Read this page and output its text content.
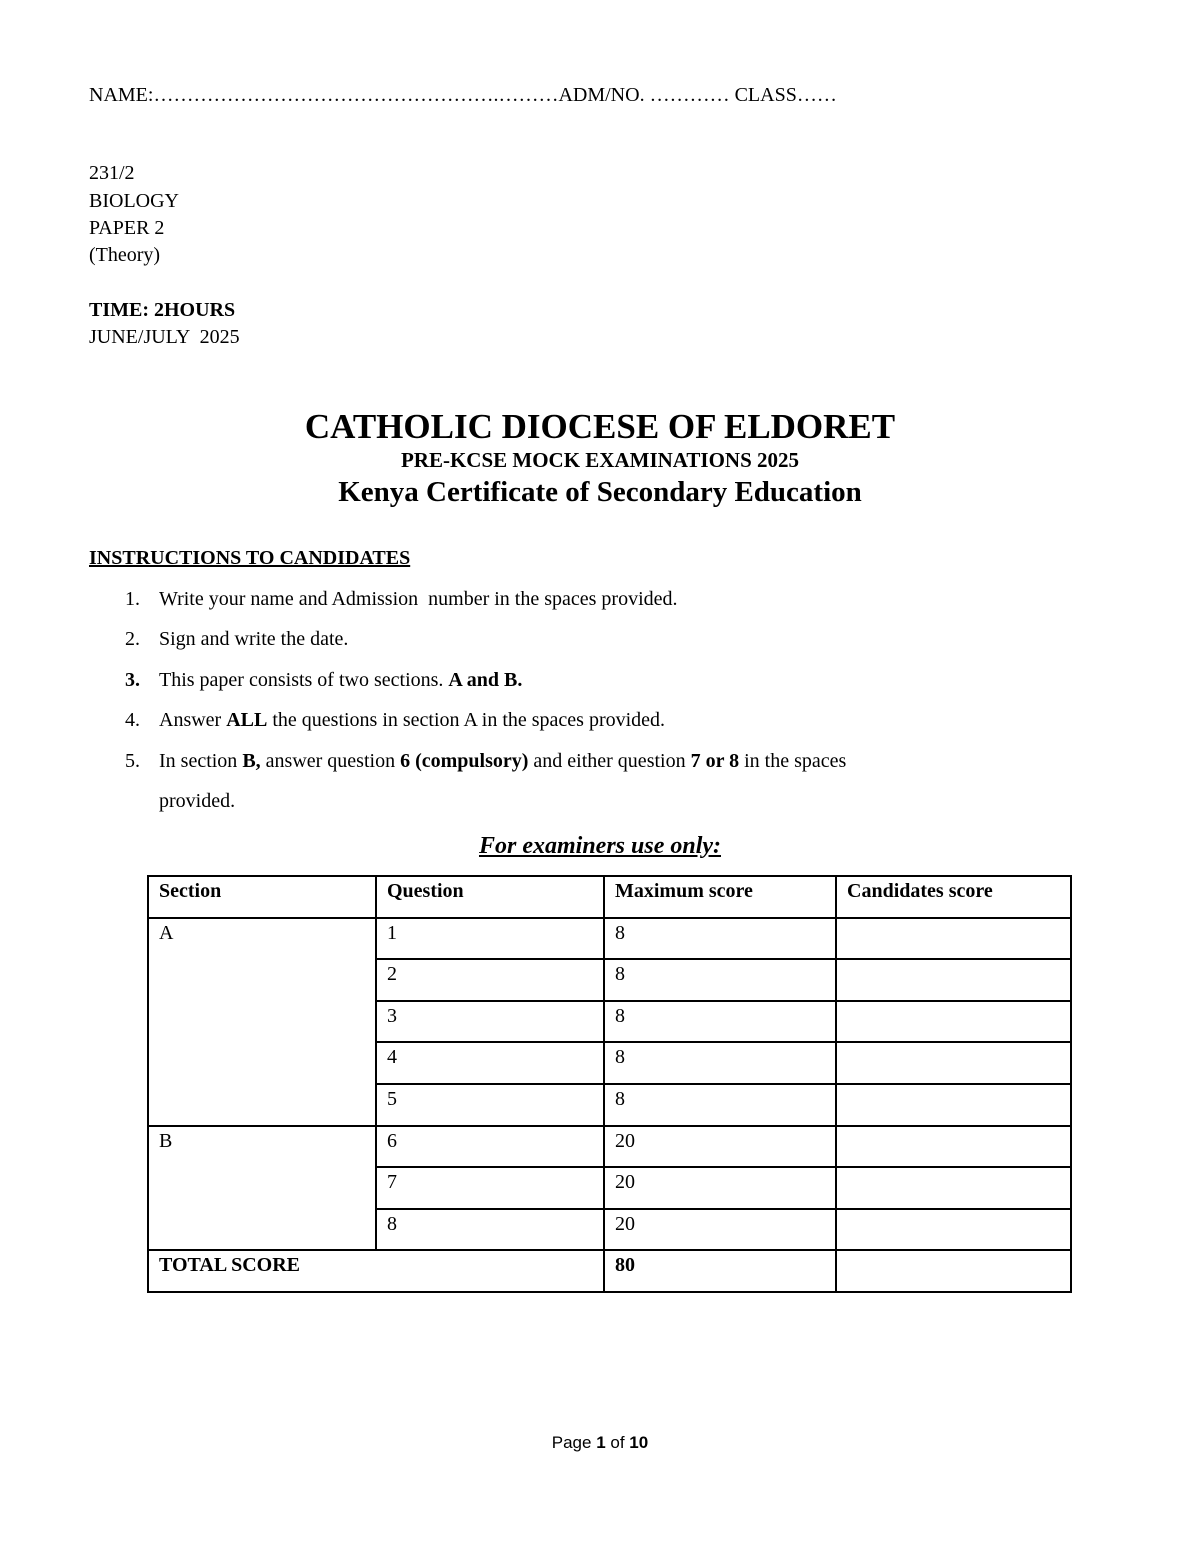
NAME:…………………………………………….………ADM/NO. ………… CLASS……
231/2
BIOLOGY
PAPER 2
(Theory)
TIME: 2HOURS
JUNE/JULY  2025
CATHOLIC DIOCESE OF ELDORET
PRE-KCSE MOCK EXAMINATIONS 2025
Kenya Certificate of Secondary Education
INSTRUCTIONS TO CANDIDATES
1. Write your name and Admission  number in the spaces provided.
2. Sign and write the date.
3. This paper consists of two sections. A and B.
4. Answer ALL the questions in section A in the spaces provided.
5. In section B, answer question 6 (compulsory) and either question 7 or 8 in the spaces
provided.
For examiners use only:
Section	Question	Maximum score	Candidates score
A	1	8	
	2	8	
	3	8	
	4	8	
	5	8	
B	6	20	
	7	20	
	8	20	
TOTAL SCORE		80	
Page 1 of 10
